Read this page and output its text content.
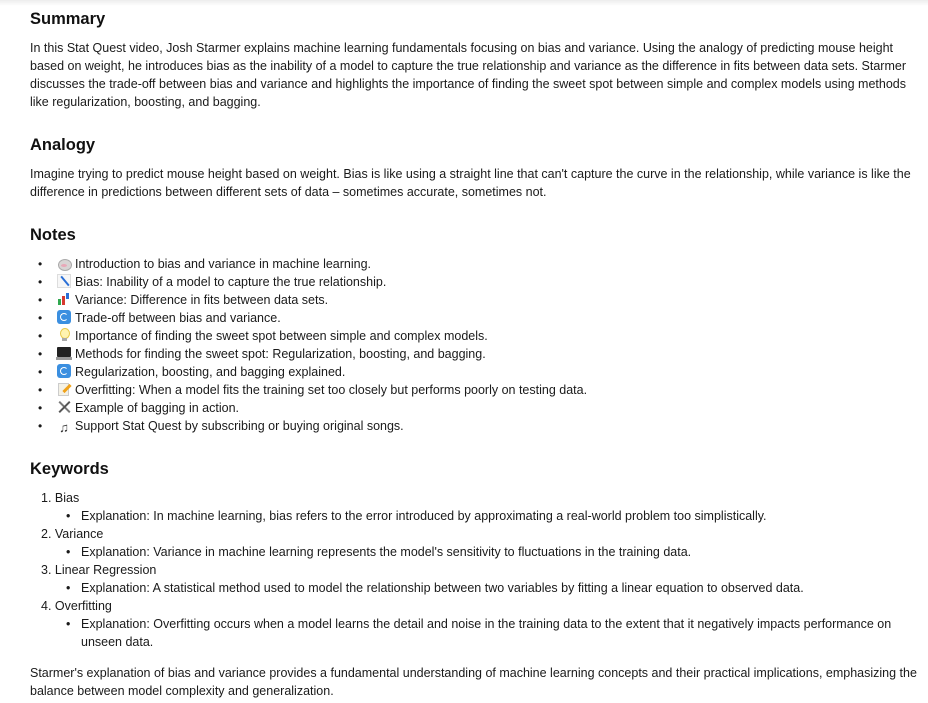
Summary

In this Stat Quest video, Josh Starmer explains machine learning fundamentals focusing on bias and variance. Using the analogy of predicting mouse height based on weight, he introduces bias as the inability of a model to capture the true relationship and variance as the difference in fits between data sets. Starmer discusses the trade-off between bias and variance and highlights the importance of finding the sweet spot between simple and complex models using methods like regularization, boosting, and bagging.

Analogy

Imagine trying to predict mouse height based on weight. Bias is like using a straight line that can't capture the curve in the relationship, while variance is like the difference in predictions between different sets of data – sometimes accurate, sometimes not.

Notes
•	Introduction to bias and variance in machine learning.
•	Bias: Inability of a model to capture the true relationship.
•	Variance: Difference in fits between data sets.
•	Trade-off between bias and variance.
•	Importance of finding the sweet spot between simple and complex models.
•	Methods for finding the sweet spot: Regularization, boosting, and bagging.
•	Regularization, boosting, and bagging explained.
•	Overfitting: When a model fits the training set too closely but performs poorly on testing data.
•	Example of bagging in action.
• ♫ Support Stat Quest by subscribing or buying original songs.
Keywords
1. Bias
• Explanation: In machine learning, bias refers to the error introduced by approximating a real-world problem too simplistically.
2. Variance
• Explanation: Variance in machine learning represents the model's sensitivity to fluctuations in the training data.
3. Linear Regression
• Explanation: A statistical method used to model the relationship between two variables by fitting a linear equation to observed data.
4. Overfitting
• Explanation: Overfitting occurs when a model learns the detail and noise in the training data to the extent that it negatively impacts performance on unseen data.

Starmer's explanation of bias and variance provides a fundamental understanding of machine learning concepts and their practical implications, emphasizing the balance between model complexity and generalization.
